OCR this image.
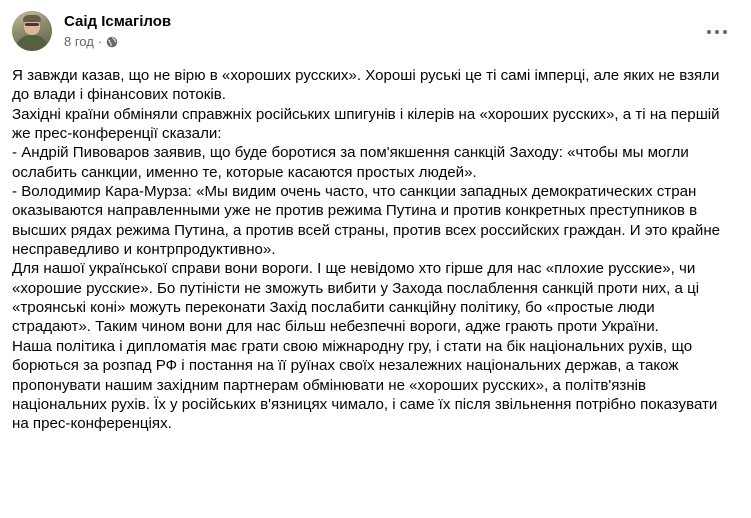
Саід Ісмагілов
8 год ·

Я завжди казав, що не вірю в «хороших русских». Хороші руські це ті самі імперці, але яких не взяли до влади і фінансових потоків.

Західні країни обміняли справжніх російських шпигунів і кілерів на «хороших русских», а ті на першій же прес-конференції сказали:

- Андрій Пивоваров заявив, що буде боротися за пом'якшення санкцій Заходу: «чтобы мы могли ослабить санкции, именно те, которые касаются простых людей».

- Володимир Кара-Мурза: «Мы видим очень часто, что санкции западных демократических стран оказываются направленными уже не против режима Путина и против конкретных преступников в высших рядах режима Путина, а против всей страны, против всех российских граждан. И это крайне несправедливо и контрпродуктивно».

Для нашої української справи вони вороги. І ще невідомо хто гірше для нас «плохие русские», чи «хорошие русские». Бо путіністи не зможуть вибити у Захода послаблення санкцій проти них, а ці «троянські коні» можуть переконати Захід послабити санкційну політику, бо «простые люди страдают». Таким чином вони для нас більш небезпечні вороги, адже грають проти України.

Наша політика і дипломатія має грати свою міжнародну гру, і стати на бік національних рухів, що борються за розпад РФ і постання на її руїнах своїх незалежних національних держав, а також пропонувати нашим західним партнерам обмінювати не «хороших русских», а політв'язнів національних рухів. Їх у російських в'язницях чимало, і саме їх після звільнення потрібно показувати на прес-конференціях.
